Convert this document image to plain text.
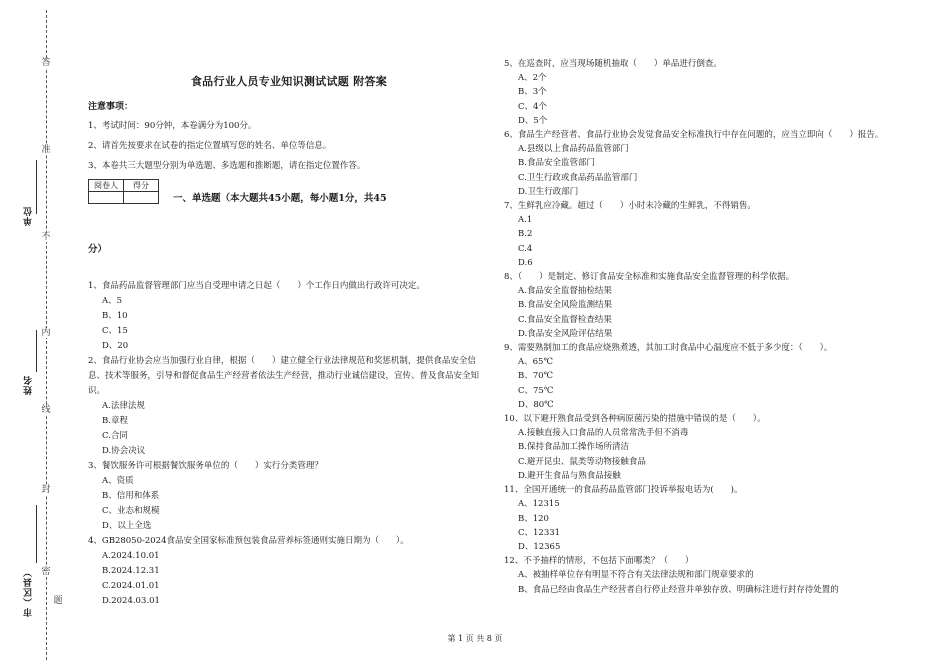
答
准
不
内
线
封
密
单位
姓名
市（区县） 题
食品行业人员专业知识测试试题 附答案
注意事项：
1、考试时间：90分钟，本卷满分为100分。
2、请首先按要求在试卷的指定位置填写您的姓名、单位等信息。
3、本卷共三大题型分别为单选题、多选题和推断题，请在指定位置作答。
阅卷人	得分

一、单选题（本大题共45小题，每小题1分，共45
分）
1、食品药品监督管理部门应当自受理申请之日起（　　）个工作日内做出行政许可决定。
A、5
B、10
C、15
D、20
2、食品行业协会应当加强行业自律，根据（　　）建立健全行业法律规范和奖惩机制，提供食品安全信息、技术等服务，引导和督促食品生产经营者依法生产经营，推动行业诚信建设，宣传、普及食品安全知识。
A.法律法规
B.章程
C.合同
D.协会决议
3、餐饮服务许可根据餐饮服务单位的（　　）实行分类管理？
A、资质
B、信用和体系
C、业态和规模
D、以上全选
4、GB28050-2024食品安全国家标准预包装食品营养标签通则实施日期为（　　）。
A.2024.10.01
B.2024.12.31
C.2024.01.01
D.2024.03.01
5、在巡查时，应当现场随机抽取（　　）单品进行倒查。
A、2个
B、3个
C、4个
D、5个
6、食品生产经营者、食品行业协会发觉食品安全标准执行中存在问题的，应当立即向（　　）报告。
A.县级以上食品药品监管部门
B.食品安全监管部门
C.卫生行政或食品药品监管部门
D.卫生行政部门
7、生鲜乳应冷藏。超过（　　）小时未冷藏的生鲜乳，不得销售。
A.1
B.2
C.4
D.6
8、（　　）是制定、修订食品安全标准和实施食品安全监督管理的科学依据。
A.食品安全监督抽检结果
B.食品安全风险监测结果
C.食品安全监督检查结果
D.食品安全风险评估结果
9、需要熟制加工的食品应烧熟煮透，其加工时食品中心温度应不低于多少度：（　　）。
A、65℃
B、70℃
C、75℃
D、80℃
10、以下避开熟食品受到各种病原菌污染的措施中错误的是（　　）。
A.接触直接入口食品的人员常常洗手但不消毒
B.保持食品加工操作场所清洁
C.避开昆虫、鼠类等动物接触食品
D.避开生食品与熟食品接触
11、全国开通统一的食品药品监管部门投诉举报电话为(　　)。
A、12315
B、120
C、12331
D、12365
12、不予抽样的情形，不包括下面哪类？（　　）
A、被抽样单位存有明显不符合有关法律法规和部门规章要求的
B、食品已经由食品生产经营者自行停止经营并单独存放、明确标注进行封存待处置的
第 1 页 共 8 页
